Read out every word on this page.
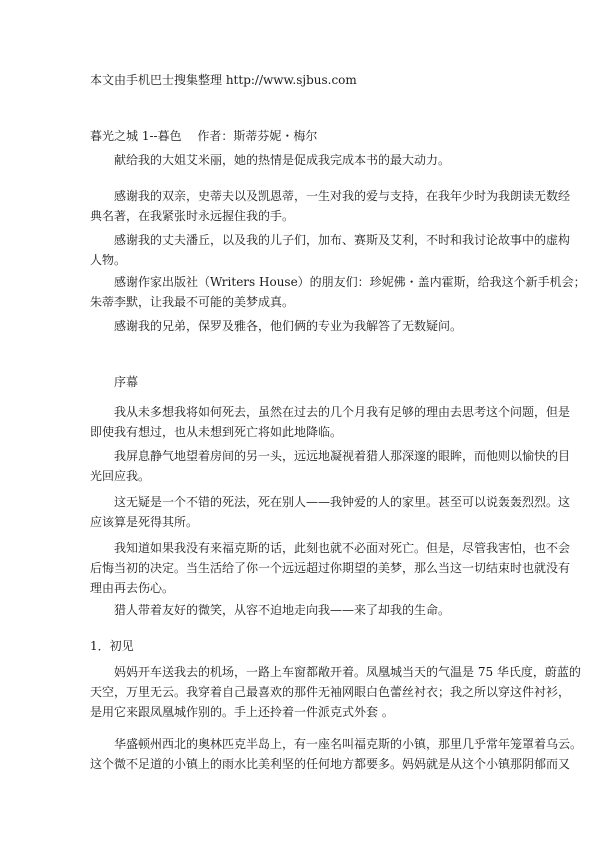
本文由手机巴士搜集整理 http://www.sjbus.com
暮光之城 1--暮色　 作者：斯蒂芬妮・梅尔
献给我的大姐艾米丽，她的热情是促成我完成本书的最大动力。
感谢我的双亲，史蒂夫以及凯恩蒂，一生对我的爱与支持，在我年少时为我朗读无数经
典名著，在我紧张时永远握住我的手。
感谢我的丈夫潘丘，以及我的儿子们，加布、赛斯及艾利，不时和我讨论故事中的虚构
人物。
感谢作家出版社（Writers House）的朋友们：珍妮佛・盖内霍斯，给我这个新手机会；
朱蒂李默，让我最不可能的美梦成真。
感谢我的兄弟，保罗及雅各，他们俩的专业为我解答了无数疑问。
序幕
我从未多想我将如何死去，虽然在过去的几个月我有足够的理由去思考这个问题，但是
即使我有想过，也从未想到死亡将如此地降临。
我屏息静气地望着房间的另一头，远远地凝视着猎人那深邃的眼眸，而他则以愉快的目
光回应我。
这无疑是一个不错的死法，死在别人——我钟爱的人的家里。甚至可以说轰轰烈烈。这
应该算是死得其所。
我知道如果我没有来福克斯的话，此刻也就不必面对死亡。但是，尽管我害怕，也不会
后悔当初的决定。当生活给了你一个远远超过你期望的美梦，那么当这一切结束时也就没有
理由再去伤心。
猎人带着友好的微笑，从容不迫地走向我——来了却我的生命。
1．初见
妈妈开车送我去的机场，一路上车窗都敞开着。凤凰城当天的气温是 75 华氏度，蔚蓝的
天空，万里无云。我穿着自己最喜欢的那件无袖网眼白色蕾丝衬衣；我之所以穿这件衬衫，
是用它来跟凤凰城作别的。手上还拎着一件派克式外套 。
华盛顿州西北的奥林匹克半岛上，有一座名叫福克斯的小镇，那里几乎常年笼罩着乌云。
这个微不足道的小镇上的雨水比美利坚的任何地方都要多。妈妈就是从这个小镇那阴郁而又
